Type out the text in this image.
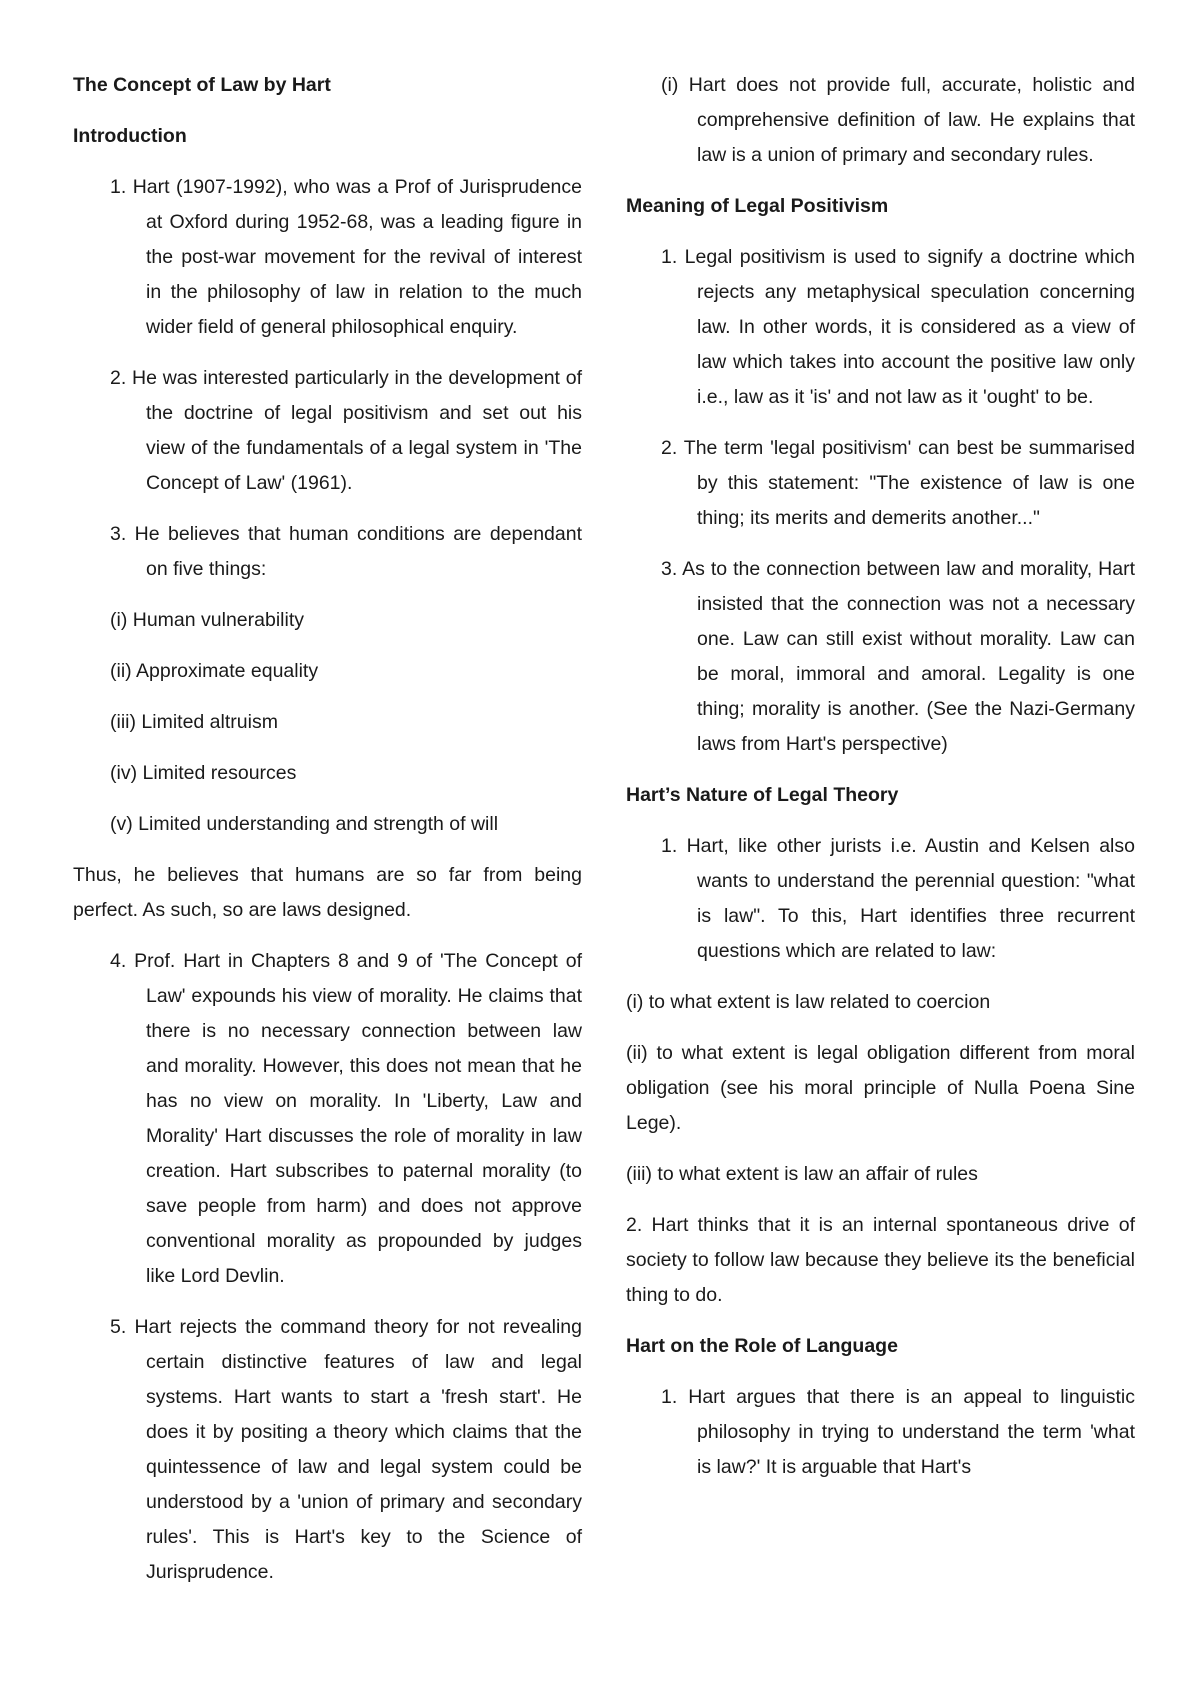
The Concept of Law by Hart
Introduction

1. Hart (1907-1992), who was a Prof of Jurisprudence at Oxford during 1952-68, was a leading figure in the post-war movement for the revival of interest in the philosophy of law in relation to the much wider field of general philosophical enquiry.

2. He was interested particularly in the development of the doctrine of legal positivism and set out his view of the fundamentals of a legal system in 'The Concept of Law' (1961).

3. He believes that human conditions are dependant on five things:

(i) Human vulnerability

(ii) Approximate equality

(iii) Limited altruism

(iv) Limited resources

(v) Limited understanding and strength of will

Thus, he believes that humans are so far from being perfect. As such, so are laws designed.

4. Prof. Hart in Chapters 8 and 9 of 'The Concept of Law' expounds his view of morality. He claims that there is no necessary connection between law and morality. However, this does not mean that he has no view on morality. In 'Liberty, Law and Morality' Hart discusses the role of morality in law creation. Hart subscribes to paternal morality (to save people from harm) and does not approve conventional morality as propounded by judges like Lord Devlin.

5. Hart rejects the command theory for not revealing certain distinctive features of law and legal systems. Hart wants to start a 'fresh start'. He does it by positing a theory which claims that the quintessence of law and legal system could be understood by a 'union of primary and secondary rules'. This is Hart's key to the Science of Jurisprudence.

(i) Hart does not provide full, accurate, holistic and comprehensive definition of law. He explains that law is a union of primary and secondary rules.

Meaning of Legal Positivism

1. Legal positivism is used to signify a doctrine which rejects any metaphysical speculation concerning law. In other words, it is considered as a view of law which takes into account the positive law only i.e., law as it 'is' and not law as it 'ought' to be.

2. The term 'legal positivism' can best be summarised by this statement: "The existence of law is one thing; its merits and demerits another..."

3. As to the connection between law and morality, Hart insisted that the connection was not a necessary one. Law can still exist without morality. Law can be moral, immoral and amoral. Legality is one thing; morality is another. (See the Nazi-Germany laws from Hart's perspective)

Hart’s Nature of Legal Theory

1. Hart, like other jurists i.e. Austin and Kelsen also wants to understand the perennial question: "what is law". To this, Hart identifies three recurrent questions which are related to law:

(i) to what extent is law related to coercion

(ii) to what extent is legal obligation different from moral obligation (see his moral principle of Nulla Poena Sine Lege).

(iii) to what extent is law an affair of rules

2. Hart thinks that it is an internal spontaneous drive of society to follow law because they believe its the beneficial thing to do.

Hart on the Role of Language

1. Hart argues that there is an appeal to linguistic philosophy in trying to understand the term 'what is law?' It is arguable that Hart's
